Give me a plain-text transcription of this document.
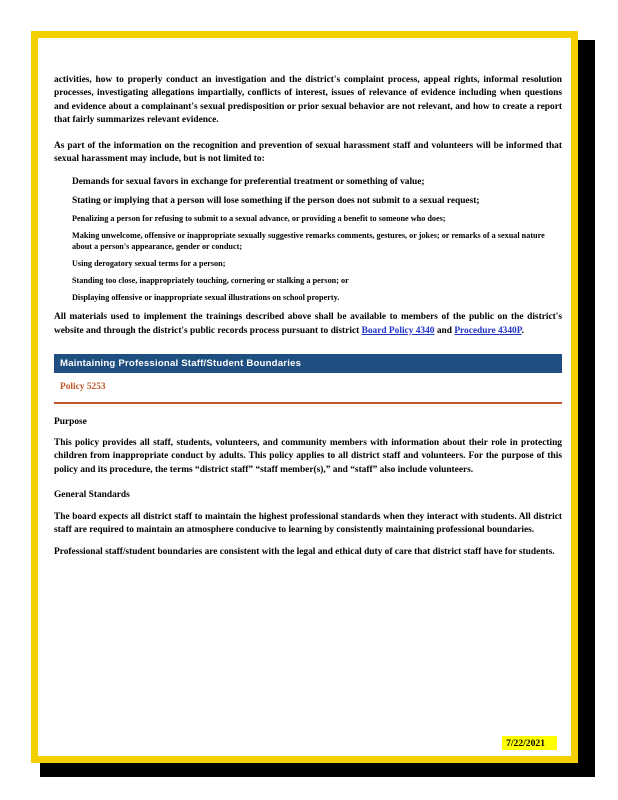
activities, how to properly conduct an investigation and the district's complaint process, appeal rights, informal resolution processes, investigating allegations impartially, conflicts of interest, issues of relevance of evidence including when questions and evidence about a complainant's sexual predisposition or prior sexual behavior are not relevant, and how to create a report that fairly summarizes relevant evidence.

As part of the information on the recognition and prevention of sexual harassment staff and volunteers will be informed that sexual harassment may include, but is not limited to:

Demands for sexual favors in exchange for preferential treatment or something of value;
Stating or implying that a person will lose something if the person does not submit to a sexual request;
Penalizing a person for refusing to submit to a sexual advance, or providing a benefit to someone who does;
Making unwelcome, offensive or inappropriate sexually suggestive remarks comments, gestures, or jokes; or remarks of a sexual nature about a person's appearance, gender or conduct;
Using derogatory sexual terms for a person;
Standing too close, inappropriately touching, cornering or stalking a person; or
Displaying offensive or inappropriate sexual illustrations on school property.

All materials used to implement the trainings described above shall be available to members of the public on the district's website and through the district's public records process pursuant to district Board Policy 4340 and Procedure 4340P.

Maintaining Professional Staff/Student Boundaries
Policy 5253

Purpose

This policy provides all staff, students, volunteers, and community members with information about their role in protecting children from inappropriate conduct by adults. This policy applies to all district staff and volunteers. For the purpose of this policy and its procedure, the terms “district staff” “staff member(s),” and “staff” also include volunteers.

General Standards

The board expects all district staff to maintain the highest professional standards when they interact with students. All district staff are required to maintain an atmosphere conducive to learning by consistently maintaining professional boundaries.

Professional staff/student boundaries are consistent with the legal and ethical duty of care that district staff have for students.

7/22/2021
